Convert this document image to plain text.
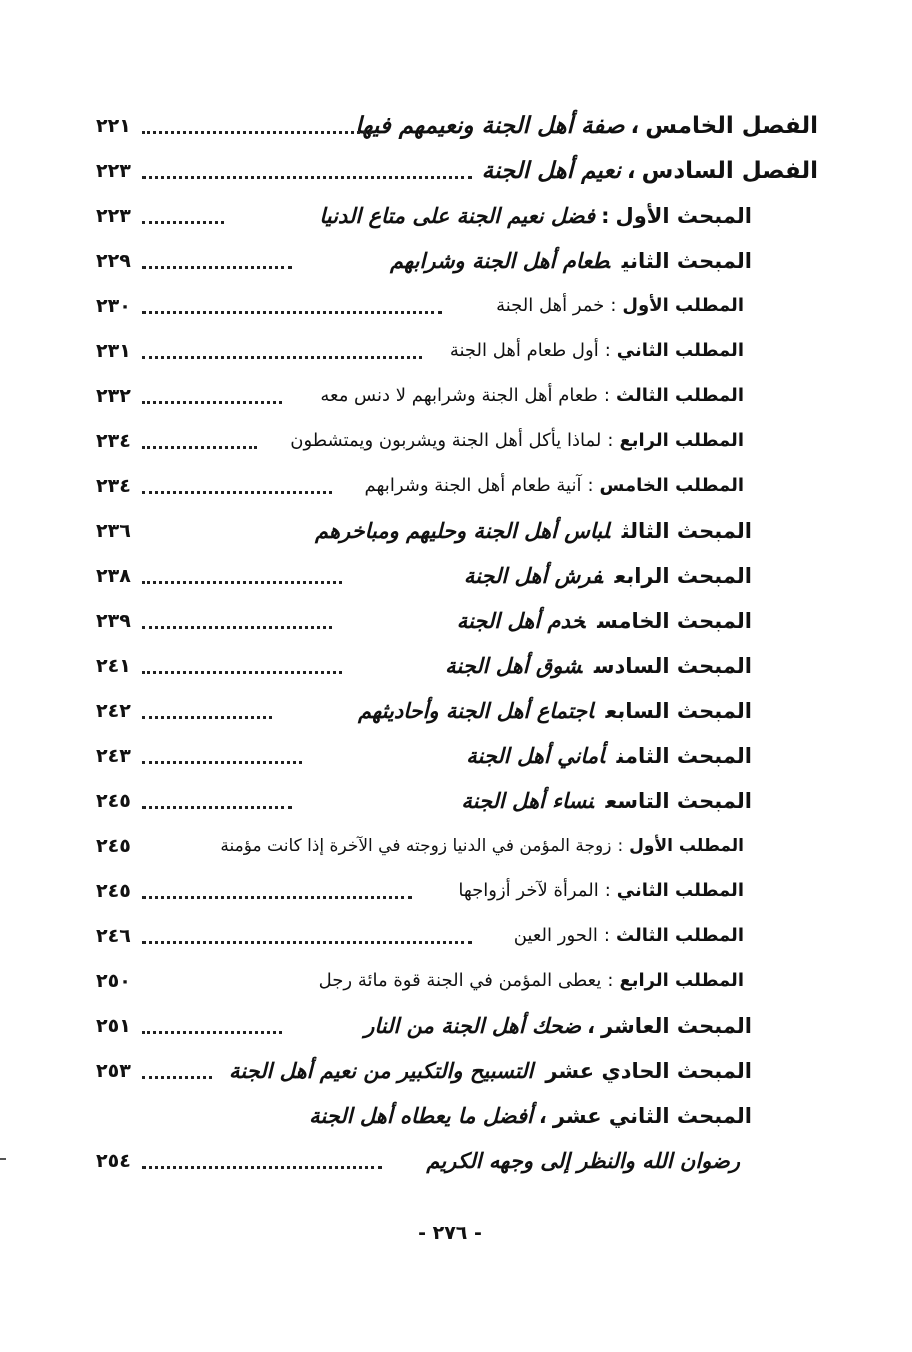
الفصل الخامس،صفة أهل الجنة ونعيمهم فيها
٢٢١
الفصل السادس،نعيم أهل الجنة
٢٢٣
المبحث الأول:فضل نعيم الجنة على متاع الدنيا
٢٢٣
المبحث الثانيطعام أهل الجنة وشرابهم
٢٢٩
المطلب الأول:خمر أهل الجنة
٢٣٠
المطلب الثاني:أول طعام أهل الجنة
٢٣١
المطلب الثالث:طعام أهل الجنة وشرابهم لا دنس معه
٢٣٢
المطلب الرابع:لماذا يأكل أهل الجنة ويشربون ويمتشطون
٢٣٤
المطلب الخامس:آنية طعام أهل الجنة وشرابهم
٢٣٤
المبحث الثالثلباس أهل الجنة وحليهم ومباخرهم
٢٣٦
المبحث الرابعفرش أهل الجنة
٢٣٨
المبحث الخامسخدم أهل الجنة
٢٣٩
المبحث السادسشوق أهل الجنة
٢٤١
المبحث السابعاجتماع أهل الجنة وأحاديثهم
٢٤٢
المبحث الثامنأماني أهل الجنة
٢٤٣
المبحث التاسعنساء أهل الجنة
٢٤٥
المطلب الأول:زوجة المؤمن في الدنيا زوجته في الآخرة إذا كانت مؤمنة
٢٤٥
المطلب الثاني:المرأة لآخر أزواجها
٢٤٥
المطلب الثالث:الحور العين
٢٤٦
المطلب الرابع:يعطى المؤمن في الجنة قوة مائة رجل
٢٥٠
المبحث العاشر،ضحك أهل الجنة من النار
٢٥١
المبحث الحادي عشرالتسبيح والتكبير من نعيم أهل الجنة
٢٥٣
المبحث الثاني عشر،أفضل ما يعطاه أهل الجنة
رضوان الله والنظر إلى وجهه الكريم
٢٥٤
- ٢٧٦ -
